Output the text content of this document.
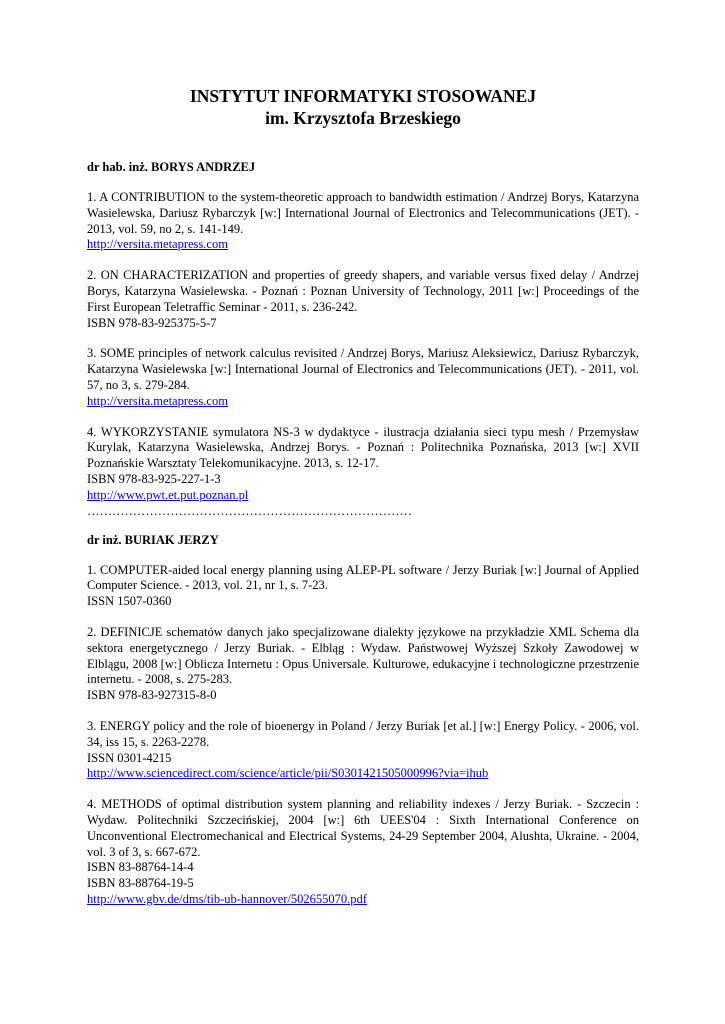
INSTYTUT INFORMATYKI STOSOWANEJ
im. Krzysztofa Brzeskiego

dr hab. inż. BORYS ANDRZEJ

1. A CONTRIBUTION to the system-theoretic approach to bandwidth estimation / Andrzej Borys, Katarzyna Wasielewska, Dariusz Rybarczyk [w:] International Journal of Electronics and Telecommunications (JET). - 2013, vol. 59, no 2, s. 141-149.
http://versita.metapress.com
2. ON CHARACTERIZATION and properties of greedy shapers, and variable versus fixed delay / Andrzej Borys, Katarzyna Wasielewska. - Poznań : Poznan University of Technology, 2011 [w:] Proceedings of the First European Teletraffic Seminar - 2011, s. 236-242.
ISBN 978-83-925375-5-7
3. SOME principles of network calculus revisited / Andrzej Borys, Mariusz Aleksiewicz, Dariusz Rybarczyk, Katarzyna Wasielewska [w:] International Journal of Electronics and Telecommunications (JET). - 2011, vol. 57, no 3, s. 279-284.
http://versita.metapress.com
4. WYKORZYSTANIE symulatora NS-3 w dydaktyce - ilustracja działania sieci typu mesh / Przemysław Kurylak, Katarzyna Wasielewska, Andrzej Borys. - Poznań : Politechnika Poznańska, 2013 [w:] XVII Poznańskie Warsztaty Telekomunikacyjne. 2013, s. 12-17.
ISBN 978-83-925-227-1-3
http://www.pwt.et.put.poznan.pl
……………………………………………………………………

dr inż. BURIAK JERZY

1. COMPUTER-aided local energy planning using ALEP-PL software / Jerzy Buriak [w:] Journal of Applied Computer Science. - 2013, vol. 21, nr 1, s. 7-23.
ISSN 1507-0360
2. DEFINICJE schematów danych jako specjalizowane dialekty językowe na przykładzie XML Schema dla sektora energetycznego / Jerzy Buriak. - Elbląg : Wydaw. Państwowej Wyższej Szkoły Zawodowej w Elblągu, 2008 [w:] Oblicza Internetu : Opus Universale. Kulturowe, edukacyjne i technologiczne przestrzenie internetu. - 2008, s. 275-283.
ISBN 978-83-927315-8-0
3. ENERGY policy and the role of bioenergy in Poland / Jerzy Buriak [et al.] [w:] Energy Policy. - 2006, vol. 34, iss 15, s. 2263-2278.
ISSN 0301-4215
http://www.sciencedirect.com/science/article/pii/S0301421505000996?via=ihub
4. METHODS of optimal distribution system planning and reliability indexes / Jerzy Buriak. - Szczecin : Wydaw. Politechniki Szczecińskiej, 2004 [w:] 6th UEES'04 : Sixth International Conference on Unconventional Electromechanical and Electrical Systems, 24-29 September 2004, Alushta, Ukraine. - 2004, vol. 3 of 3, s. 667-672.
ISBN 83-88764-14-4
ISBN 83-88764-19-5
http://www.gbv.de/dms/tib-ub-hannover/502655070.pdf
